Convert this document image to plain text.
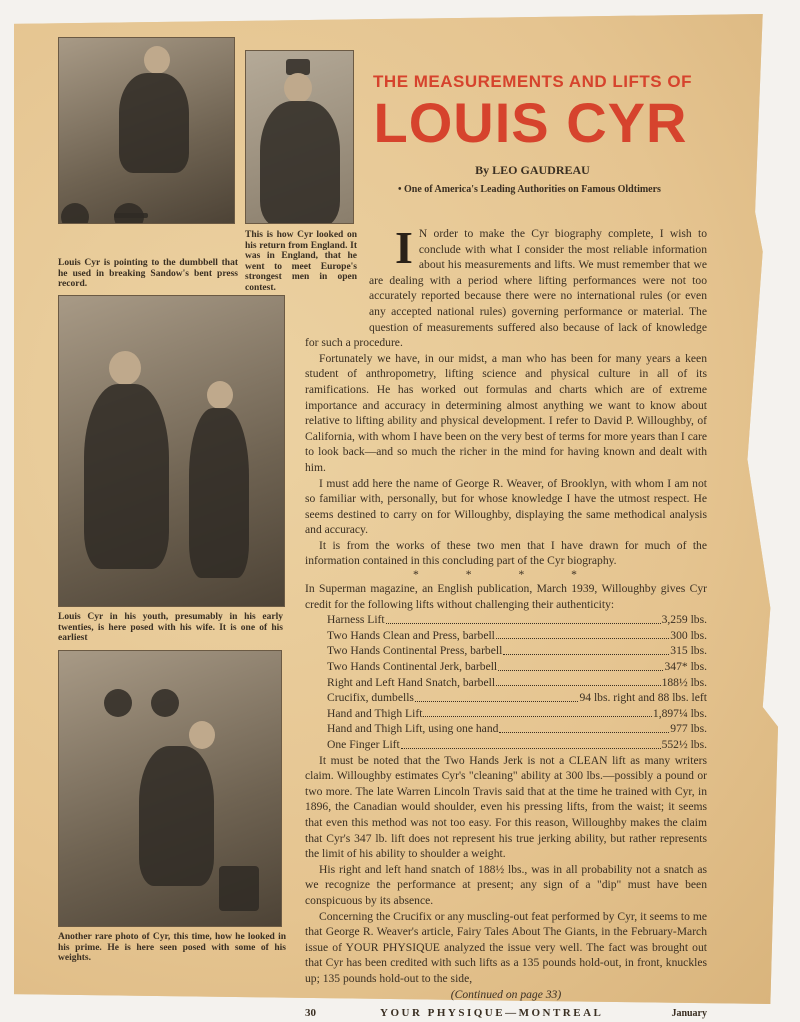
Louis Cyr is pointing to the dumbbell that he used in breaking Sandow's bent press record.
This is how Cyr looked on his return from England. It was in England, that he went to meet Europe's strongest men in open contest.
Louis Cyr in his youth, presumably in his early twenties, is here posed with his wife. It is one of his earliest
Another rare photo of Cyr, this time, how he looked in his prime. He is here seen posed with some of his weights.
THE MEASUREMENTS AND LIFTS OF
LOUIS CYR
By LEO GAUDREAU
• One of America's Leading Authorities on Famous Oldtimers

I N order to make the Cyr biography complete, I wish to conclude with what I consider the most reliable information about his measurements and lifts. We must remember that we are dealing with a period where lifting performances were not too accurately reported because there were no international rules (or even any accepted national rules) governing performance or material. The question of measurements suffered also because of lack of knowledge for such a procedure.

Fortunately we have, in our midst, a man who has been for many years a keen student of anthropometry, lifting science and physical culture in all of its ramifications. He has worked out formulas and charts which are of extreme importance and accuracy in determining almost anything we want to know about relative to lifting ability and physical development. I refer to David P. Willoughby, of California, with whom I have been on the very best of terms for more years than I care to look back—and so much the richer in the mind for having known and dealt with him.

I must add here the name of George R. Weaver, of Brooklyn, with whom I am not so familiar with, personally, but for whose knowledge I have the utmost respect. He seems destined to carry on for Willoughby, displaying the same methodical analysis and accuracy.

It is from the works of these two men that I have drawn for much of the information contained in this concluding part of the Cyr biography.

* * * *

In Superman magazine, an English publication, March 1939, Willoughby gives Cyr credit for the following lifts without challenging their authenticity:

Harness Lift	3,259 lbs.
Two Hands Clean and Press, barbell	300 lbs.
Two Hands Continental Press, barbell	315 lbs.
Two Hands Continental Jerk, barbell	347* lbs.
Right and Left Hand Snatch, barbell	188½ lbs.
Crucifix, dumbells	94 lbs. right and 88 lbs. left
Hand and Thigh Lift	1,897¼ lbs.
Hand and Thigh Lift, using one hand	977 lbs.
One Finger Lift	552½ lbs.

It must be noted that the Two Hands Jerk is not a CLEAN lift as many writers claim. Willoughby estimates Cyr's "cleaning" ability at 300 lbs.—possibly a pound or two more. The late Warren Lincoln Travis said that at the time he trained with Cyr, in 1896, the Canadian would shoulder, even his pressing lifts, from the waist; it seems that even this method was not too easy. For this reason, Willoughby makes the claim that Cyr's 347 lb. lift does not represent his true jerking ability, but rather represents the limit of his ability to shoulder a weight.

His right and left hand snatch of 188½ lbs., was in all probability not a snatch as we recognize the performance at present; any sign of a "dip" must have been conspicuous by its absence.

Concerning the Crucifix or any muscling-out feat performed by Cyr, it seems to me that George R. Weaver's article, Fairy Tales About The Giants, in the February-March issue of YOUR PHYSIQUE analyzed the issue very well. The fact was brought out that Cyr has been credited with such lifts as a 135 pounds hold-out, in front, knuckles up; 135 pounds hold-out to the side,

(Continued on page 33)
30	YOUR PHYSIQUE—MONTREAL	January
